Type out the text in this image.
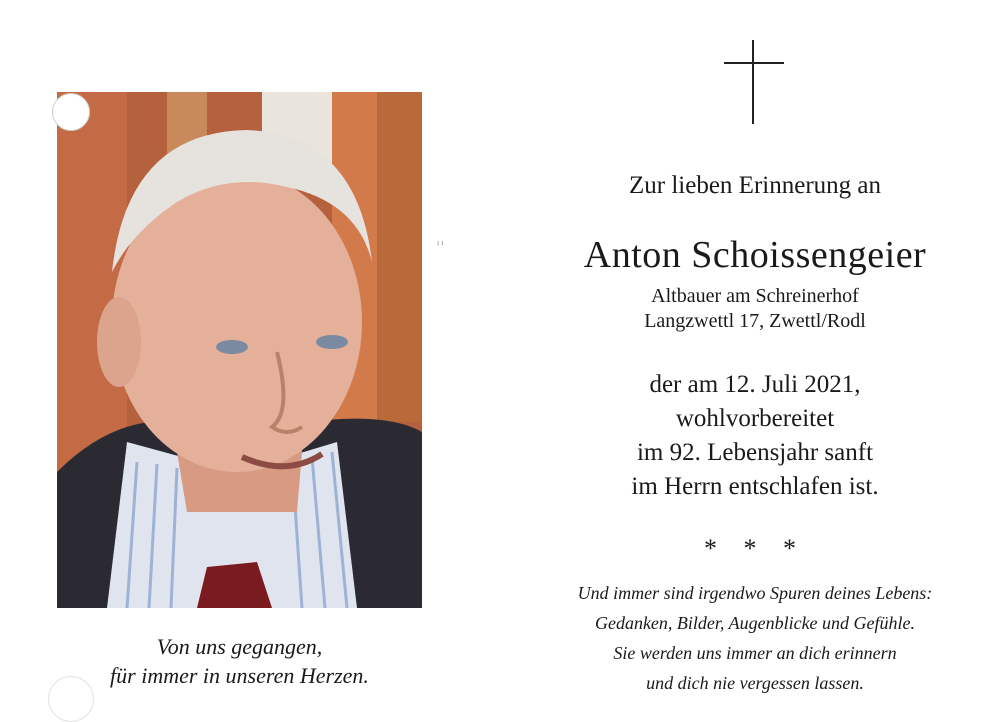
Von uns gegangen,
für immer in unseren Herzen.
ı ı
Zur lieben Erinnerung an
Anton Schoissengeier
Altbauer am Schreinerhof
Langzwettl 17, Zwettl/Rodl
der am 12. Juli 2021,
wohlvorbereitet
im 92. Lebensjahr sanft
im Herrn entschlafen ist.
* * *
Und immer sind irgendwo Spuren deines Lebens:
Gedanken, Bilder, Augenblicke und Gefühle.
Sie werden uns immer an dich erinnern
und dich nie vergessen lassen.
